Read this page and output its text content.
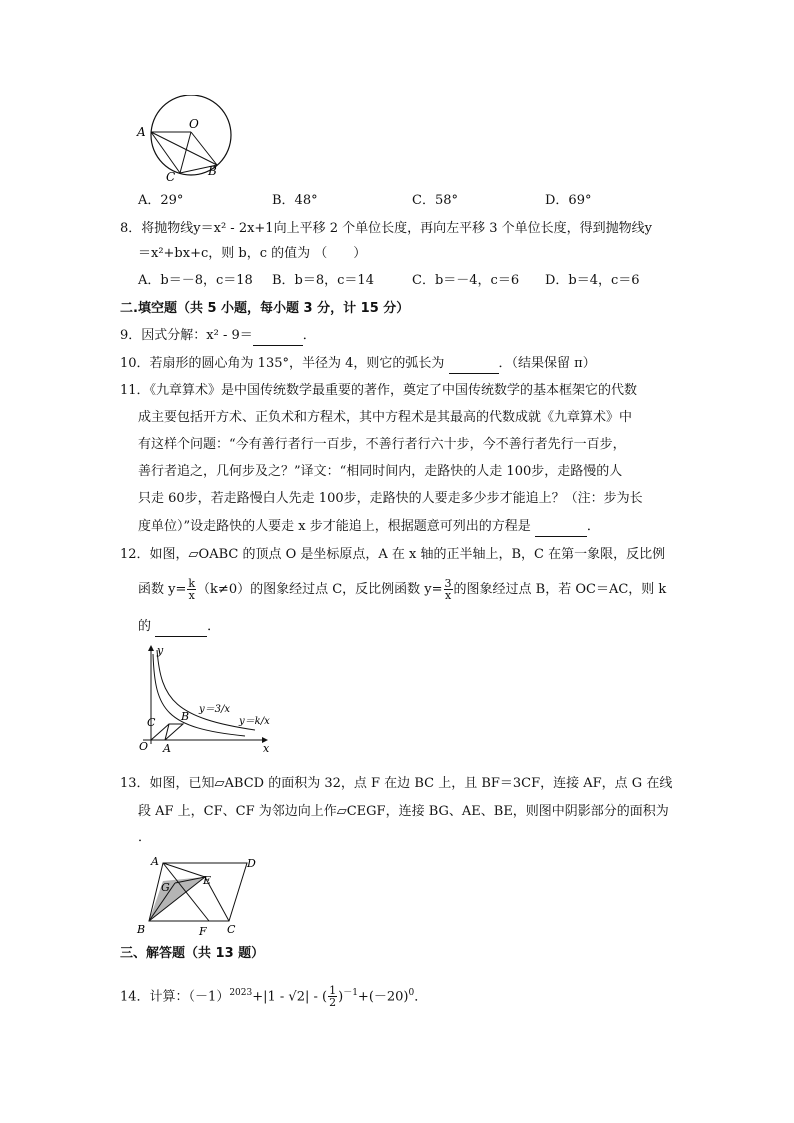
A
O
B
C
A．29°	B．48°	C．58°	D．69°
8．将抛物线y＝x² ‑ 2x+1向上平移 2 个单位长度，再向左平移 3 个单位长度，得到抛物线y
＝x²+bx+c，则 b，c 的值为 （　　）
A．b＝－8，c＝18 B．b＝8，c＝14	C．b＝－4，c＝6 D．b＝4，c＝6
二.填空题（共 5 小题，每小题 3 分，计 15 分）
9．因式分解：x² ‑ 9＝	．
10．若扇形的圆心角为 135°，半径为 4，则它的弧长为	．（结果保留 π）
11．《九章算术》是中国传统数学最重要的著作，奠定了中国传统数学的基本框架它的代数
成主要包括开方术、正负术和方程术，其中方程术是其最高的代数成就《九章算术》中
有这样个问题：“今有善行者行一百步，不善行者行六十步，今不善行者先行一百步，
善行者追之，几何步及之？”译文：“相同时间内，走路快的人走 100步，走路慢的人
只走 60步，若走路慢白人先走 100步，走路快的人要走多少步才能追上？（注：步为长
度单位）”设走路快的人要走 x 步才能追上，根据题意可列出的方程是	．
12．如图，▱OABC 的顶点 O 是坐标原点，A 在 x 轴的正半轴上，B，C 在第一象限，反比例
函数 $y= \frac{k}{x} (k\ne 0)$的图象经过点 C，反比例函数 $y= \frac{3}{x}$ 的图象经过点 B，若 OC＝AC，则 k
的	．
y
x
O A
B
C
y＝3/x
y＝k/x
13．如图，已知▱ABCD 的面积为 32，点 F 在边 BC 上，且 BF＝3CF，连接 AF，点 G 在线
段 AF 上，CF、CF 为邻边向上作▱CEGF，连接 BG、AE、BE，则图中阴影部分的面积为
．
A	D
B	C
E
F
G
三、解答题（共 13 题）
14．计算：$(-1)^{2023}+|1$ ‑ √2| ‑ ( $\frac{1}{2} )^{-1}+(-20)^0$．
